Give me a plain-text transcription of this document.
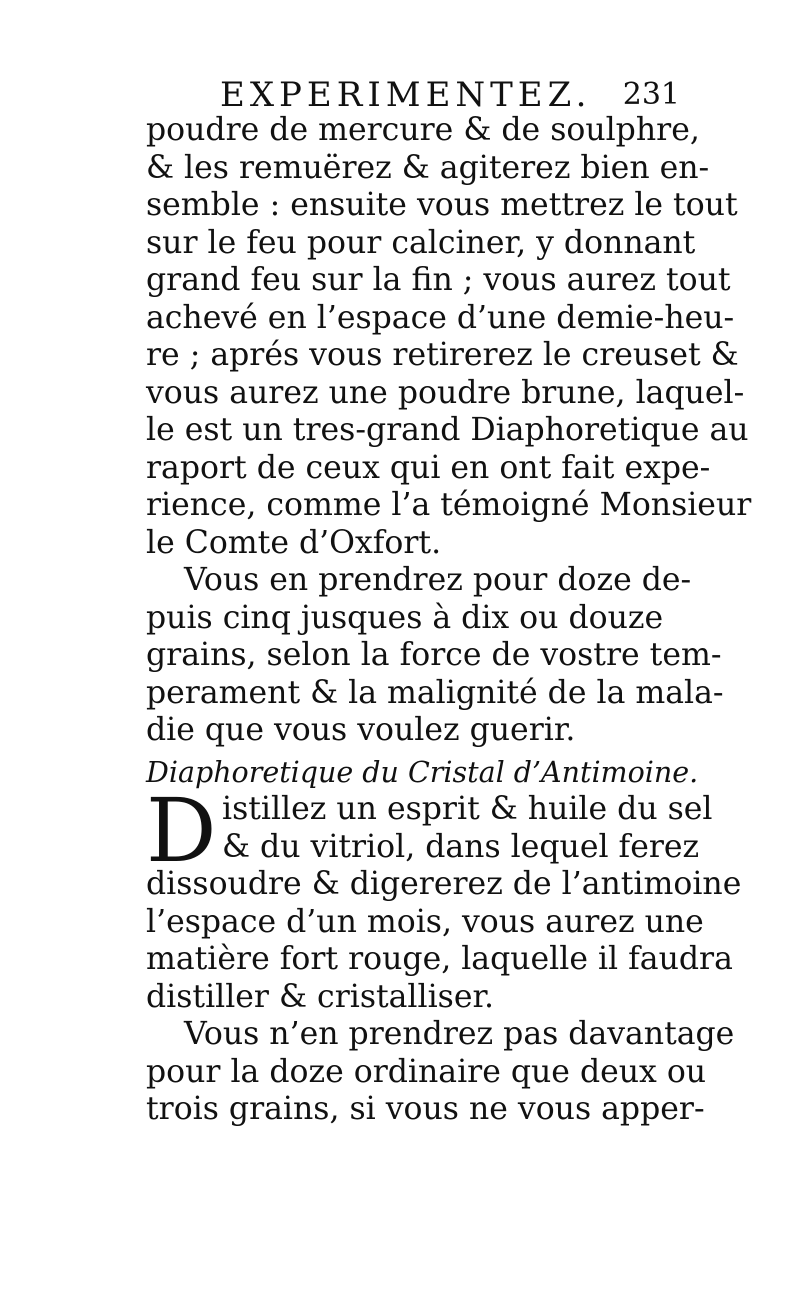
EXPERIMENTEZ. 231
poudre de mercure & de soulphre,
& les remuërez & agiterez bien en-
semble : ensuite vous mettrez le tout
sur le feu pour calciner, y donnant
grand feu sur la fin ; vous aurez tout
achevé en l’espace d’une demie-heu-
re ; aprés vous retirerez le creuset &
vous aurez une poudre brune, laquel-
le est un tres-grand Diaphoretique au
raport de ceux qui en ont fait expe-
rience, comme l’a témoigné Monsieur
le Comte d’Oxfort.
Vous en prendrez pour doze de-
puis cinq jusques à dix ou douze
grains, selon la force de vostre tem-
perament & la malignité de la mala-
die que vous voulez guerir.
Diaphoretique du Cristal d’Antimoine.
D istillez un esprit & huile du sel
& du vitriol, dans lequel ferez
dissoudre & digererez de l’antimoine
l’espace d’un mois, vous aurez une
matière fort rouge, laquelle il faudra
distiller & cristalliser.
Vous n’en prendrez pas davantage
pour la doze ordinaire que deux ou
trois grains, si vous ne vous apper-
